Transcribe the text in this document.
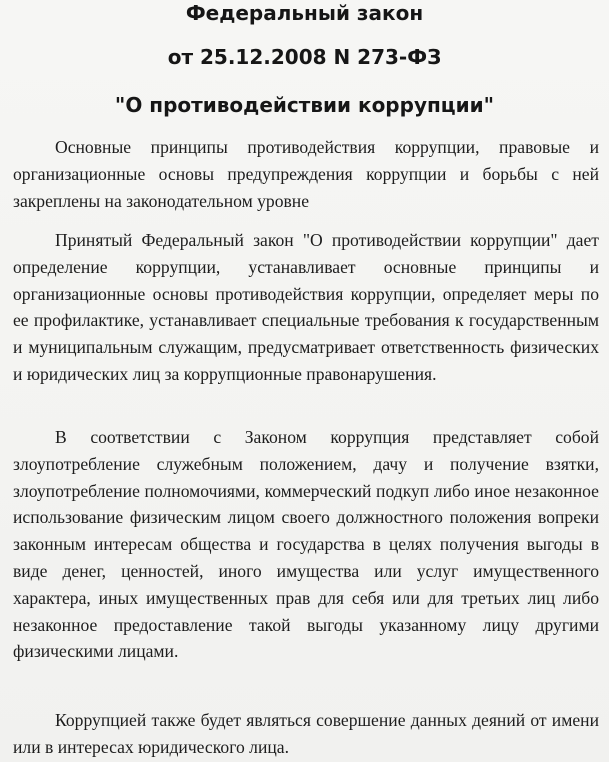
Федеральный закон
от 25.12.2008 N 273-ФЗ
"О противодействии коррупции"

Основные принципы противодействия коррупции, правовые и организационные основы предупреждения коррупции и борьбы с ней закреплены на законодательном уровне

Принятый Федеральный закон "О противодействии коррупции" дает определение коррупции, устанавливает основные принципы и организационные основы противодействия коррупции, определяет меры по ее профилактике, устанавливает специальные требования к государственным и муниципальным служащим, предусматривает ответственность физических и юридических лиц за коррупционные правонарушения.

В соответствии с Законом коррупция представляет собой злоупотребление служебным положением, дачу и получение взятки, злоупотребление полномочиями, коммерческий подкуп либо иное незаконное использование физическим лицом своего должностного положения вопреки законным интересам общества и государства в целях получения выгоды в виде денег, ценностей, иного имущества или услуг имущественного характера, иных имущественных прав для себя или для третьих лиц либо незаконное предоставление такой выгоды указанному лицу другими физическими лицами.

Коррупцией также будет являться совершение данных деяний от имени или в интересах юридического лица.
